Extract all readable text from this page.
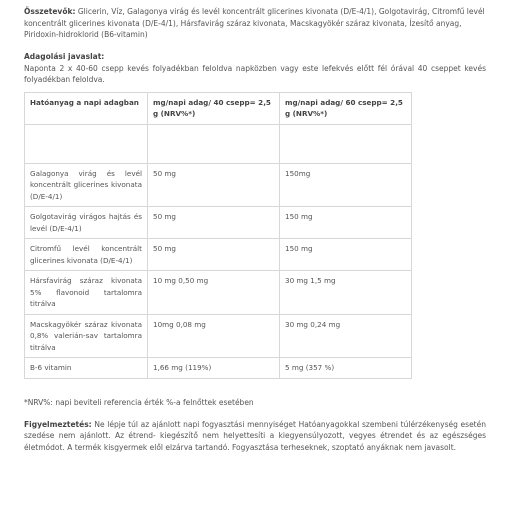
Összetevők: Glicerin, Víz, Galagonya virág és levél koncentrált glicerines kivonata (D/E-4/1), Golgotavirág, Citromfű levél koncentrált glicerines kivonata (D/E-4/1), Hársfavirág száraz kivonata, Macskagyökér száraz kivonata, Ízesítő anyag, Piridoxin-hidroklorid (B6-vitamin)

Adagolási javaslat:

Naponta 2 x 40-60 csepp kevés folyadékban feloldva napközben vagy este lefekvés előtt fél órával 40 cseppet kevés folyadékban feloldva.

Hatóanyag a napi adagban	mg/napi adag/ 40 csepp= 2,5 g (NRV%*)	mg/napi adag/ 60 csepp= 2,5 g (NRV%*)

Galagonya virág és levél koncentrált glicerines kivonata (D/E-4/1)	50 mg	150mg
Golgotavirág virágos hajtás és levél (D/E-4/1)	50 mg	150 mg
Citromfű levél koncentrált glicerines kivonata (D/E-4/1)	50 mg	150 mg
Hársfavirág száraz kivonata 5% flavonoid tartalomra titrálva	10 mg 0,50 mg	30 mg 1,5 mg
Macskagyökér száraz kivonata 0,8% valerián-sav tartalomra titrálva	10mg 0,08 mg	30 mg 0,24 mg
B-6 vitamin	1,66 mg (119%)	5 mg (357 %)

*NRV%: napi beviteli referencia érték %-a felnőttek esetében

Figyelmeztetés: Ne lépje túl az ajánlott napi fogyasztási mennyiséget Hatóanyagokkal szembeni túlérzékenység esetén szedése nem ajánlott. Az étrend- kiegészítő nem helyettesíti a kiegyensúlyozott, vegyes étrendet és az egészséges életmódot. A termék kisgyermek elől elzárva tartandó. Fogyasztása terheseknek, szoptató anyáknak nem javasolt.
